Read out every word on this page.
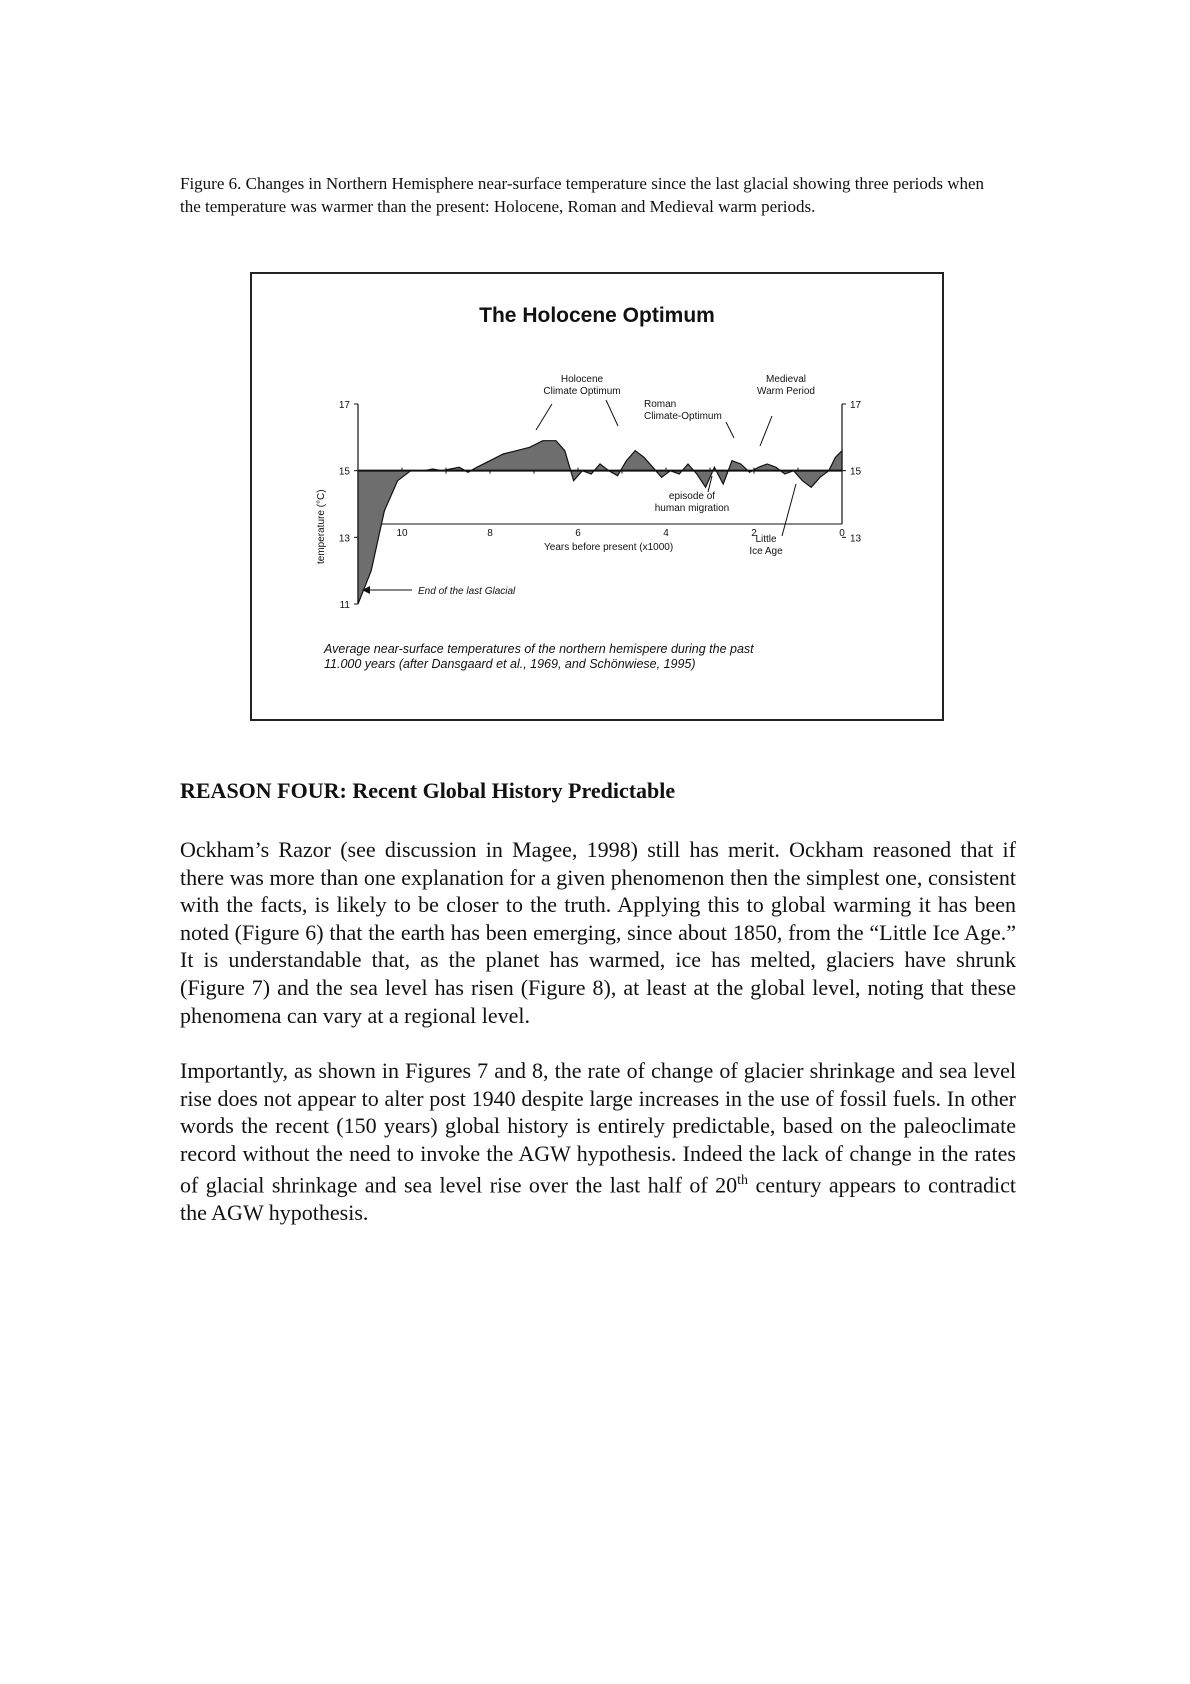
Figure 6. Changes in Northern Hemisphere near-surface temperature since the last glacial showing three periods when the temperature was warmer than the present: Holocene, Roman and Medieval warm periods.
The Holocene Optimum
17
15
13
11
17
15
13
10	8	6	4	2	0
Years before present (x1000)
temperature (°C)
Holocene
Climate Optimum
Roman
Climate-Optimum
Medieval
Warm Period
episode of
human migration
Little
Ice Age
End of the last Glacial
Average near-surface temperatures of the northern hemispere during the past
11.000 years (after Dansgaard et al., 1969, and Schönwiese, 1995)
REASON FOUR: Recent Global History Predictable

Ockham’s Razor (see discussion in Magee, 1998) still has merit. Ockham reasoned that if there was more than one explanation for a given phenomenon then the simplest one, consistent with the facts, is likely to be closer to the truth. Applying this to global warming it has been noted (Figure 6) that the earth has been emerging, since about 1850, from the “Little Ice Age.” It is understandable that, as the planet has warmed, ice has melted, glaciers have shrunk (Figure 7) and the sea level has risen (Figure 8), at least at the global level, noting that these phenomena can vary at a regional level.

Importantly, as shown in Figures 7 and 8, the rate of change of glacier shrinkage and sea level rise does not appear to alter post 1940 despite large increases in the use of fossil fuels. In other words the recent (150 years) global history is entirely predictable, based on the paleoclimate record without the need to invoke the AGW hypothesis. Indeed the lack of change in the rates of glacial shrinkage and sea level rise over the last half of 20th century appears to contradict the AGW hypothesis.
